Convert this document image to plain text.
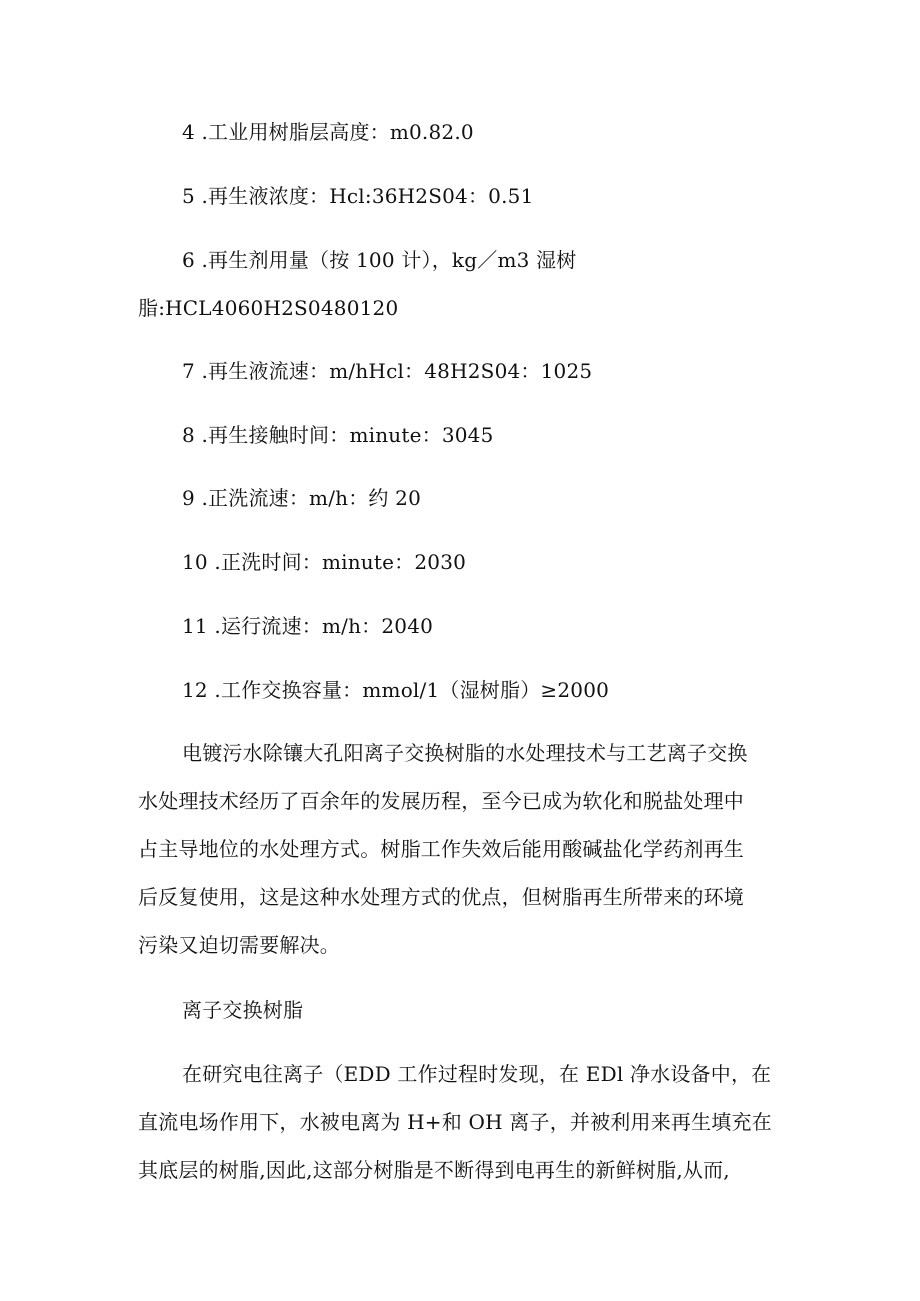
4 .工业用树脂层高度：m0.82.0
5 .再生液浓度：Hcl:36H2S04：0.51
6 .再生剂用量（按 100 计），kg／m3 湿树
脂:HCL4060H2S0480120
7 .再生液流速：m/hHcl：48H2S04：1025
8 .再生接触时间：minute：3045
9 .正洗流速：m/h：约 20
10 .正洗时间：minute：2030
11 .运行流速：m/h：2040
12 .工作交换容量：mmol/1（湿树脂）≥2000
电镀污水除镶大孔阳离子交换树脂的水处理技术与工艺离子交换
水处理技术经历了百余年的发展历程，至今已成为软化和脱盐处理中
占主导地位的水处理方式。树脂工作失效后能用酸碱盐化学药剂再生
后反复使用，这是这种水处理方式的优点，但树脂再生所带来的环境
污染又迫切需要解决。
离子交换树脂
在研究电往离子（EDD 工作过程时发现，在 EDl 净水设备中，在
直流电场作用下，水被电离为 H+和 OH 离子，并被利用来再生填充在
其底层的树脂,因此,这部分树脂是不断得到电再生的新鲜树脂,从而,
